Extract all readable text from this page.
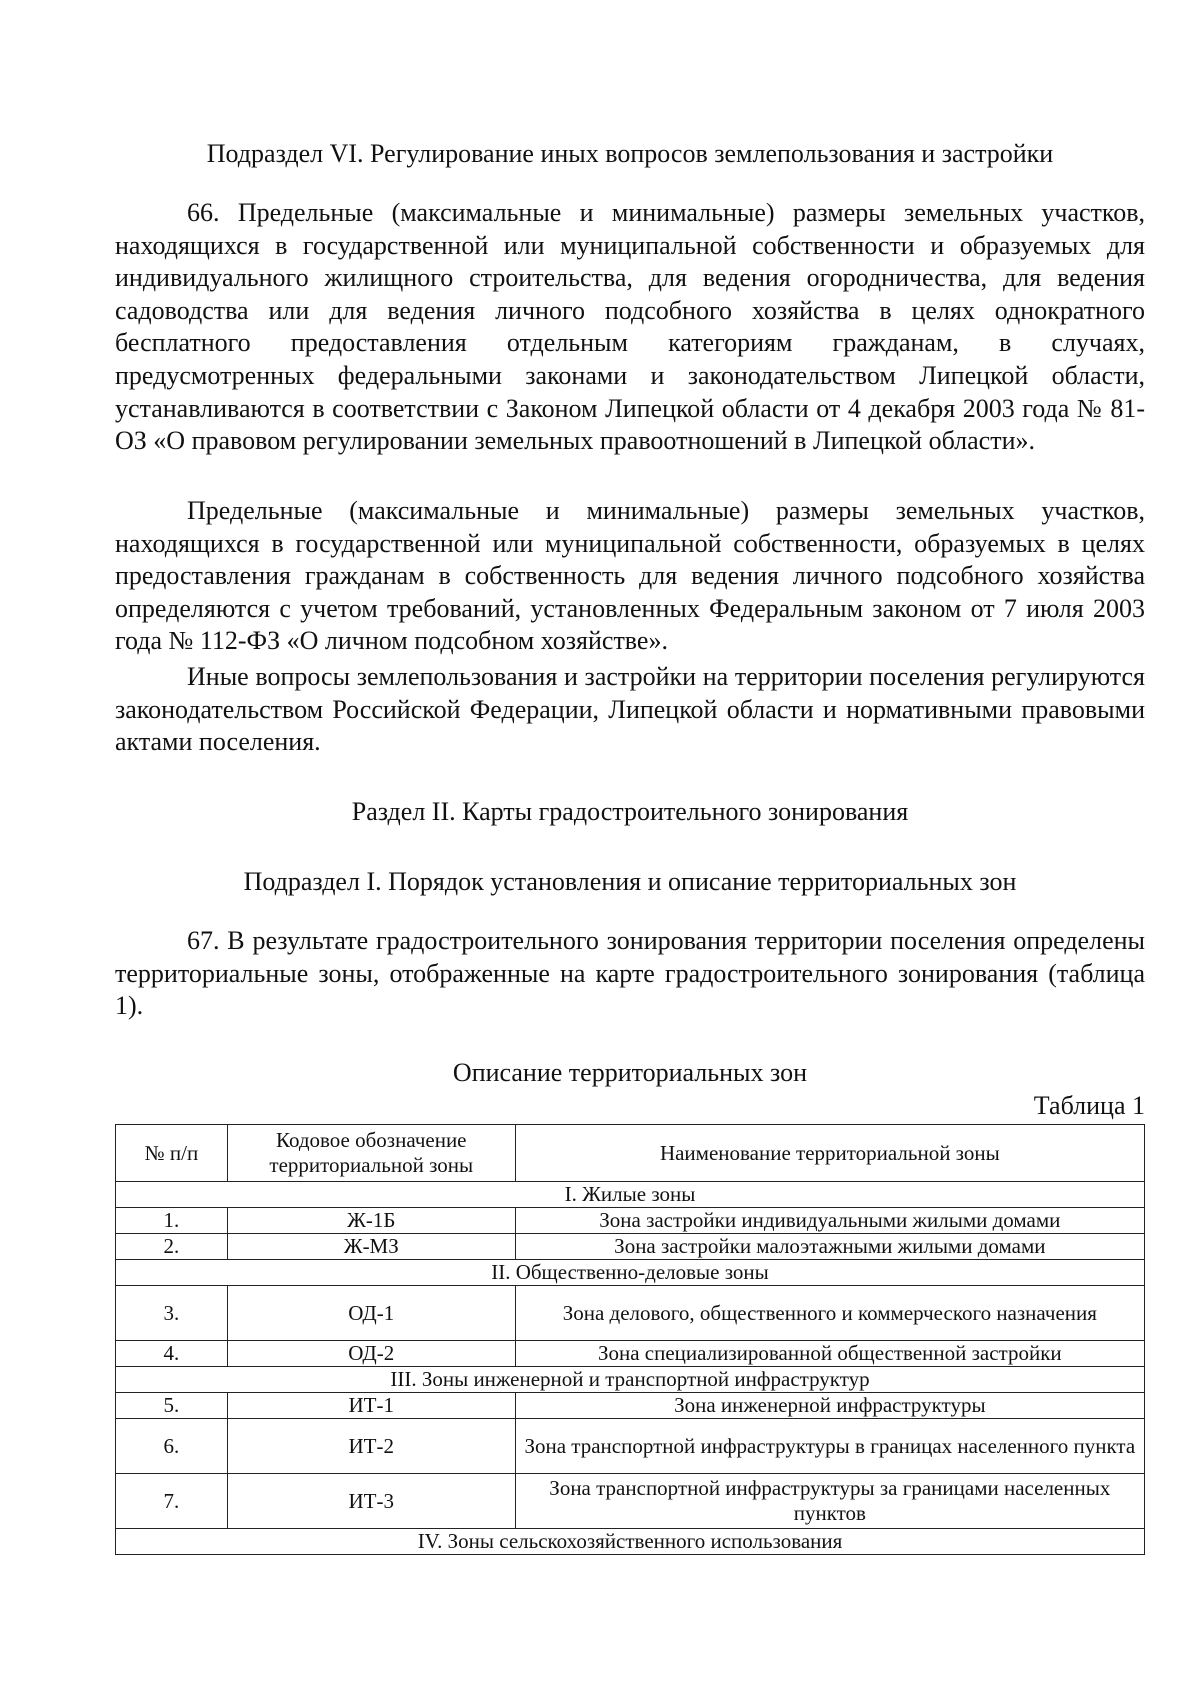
Подраздел VI. Регулирование иных вопросов землепользования и застройки

66. Предельные (максимальные и минимальные) размеры земельных участков, находящихся в государственной или муниципальной собственности и образуемых для индивидуального жилищного строительства, для ведения огородничества, для ведения садоводства или для ведения личного подсобного хозяйства в целях однократного бесплатного предоставления отдельным категориям гражданам, в случаях, предусмотренных федеральными законами и законодательством Липецкой области, устанавливаются в соответствии с Законом Липецкой области от 4 декабря 2003 года № 81-ОЗ «О правовом регулировании земельных правоотношений в Липецкой области».

Предельные (максимальные и минимальные) размеры земельных участков, находящихся в государственной или муниципальной собственности, образуемых в целях предоставления гражданам в собственность для ведения личного подсобного хозяйства определяются с учетом требований, установленных Федеральным законом от 7 июля 2003 года № 112-ФЗ «О личном подсобном хозяйстве».

Иные вопросы землепользования и застройки на территории поселения регулируются законодательством Российской Федерации, Липецкой области и нормативными правовыми актами поселения.

Раздел II. Карты градостроительного зонирования

Подраздел I. Порядок установления и описание территориальных зон

67. В результате градостроительного зонирования территории поселения определены территориальные зоны, отображенные на карте градостроительного зонирования (таблица 1).

Описание территориальных зон

Таблица 1
№ п/п	Кодовое обозначение территориальной зоны	Наименование территориальной зоны
I. Жилые зоны		
1.	Ж-1Б	Зона застройки индивидуальными жилыми домами
2.	Ж-МЗ	Зона застройки малоэтажными жилыми домами
II. Общественно-деловые зоны		
3.	ОД-1	Зона делового, общественного и коммерческого назначения
4.	ОД-2	Зона специализированной общественной застройки
III. Зоны инженерной и транспортной инфраструктур		
5.	ИТ-1	Зона инженерной инфраструктуры
6.	ИТ-2	Зона транспортной инфраструктуры в границах населенного пункта
7.	ИТ-3	Зона транспортной инфраструктуры за границами населенных пунктов
IV. Зоны сельскохозяйственного использования		
